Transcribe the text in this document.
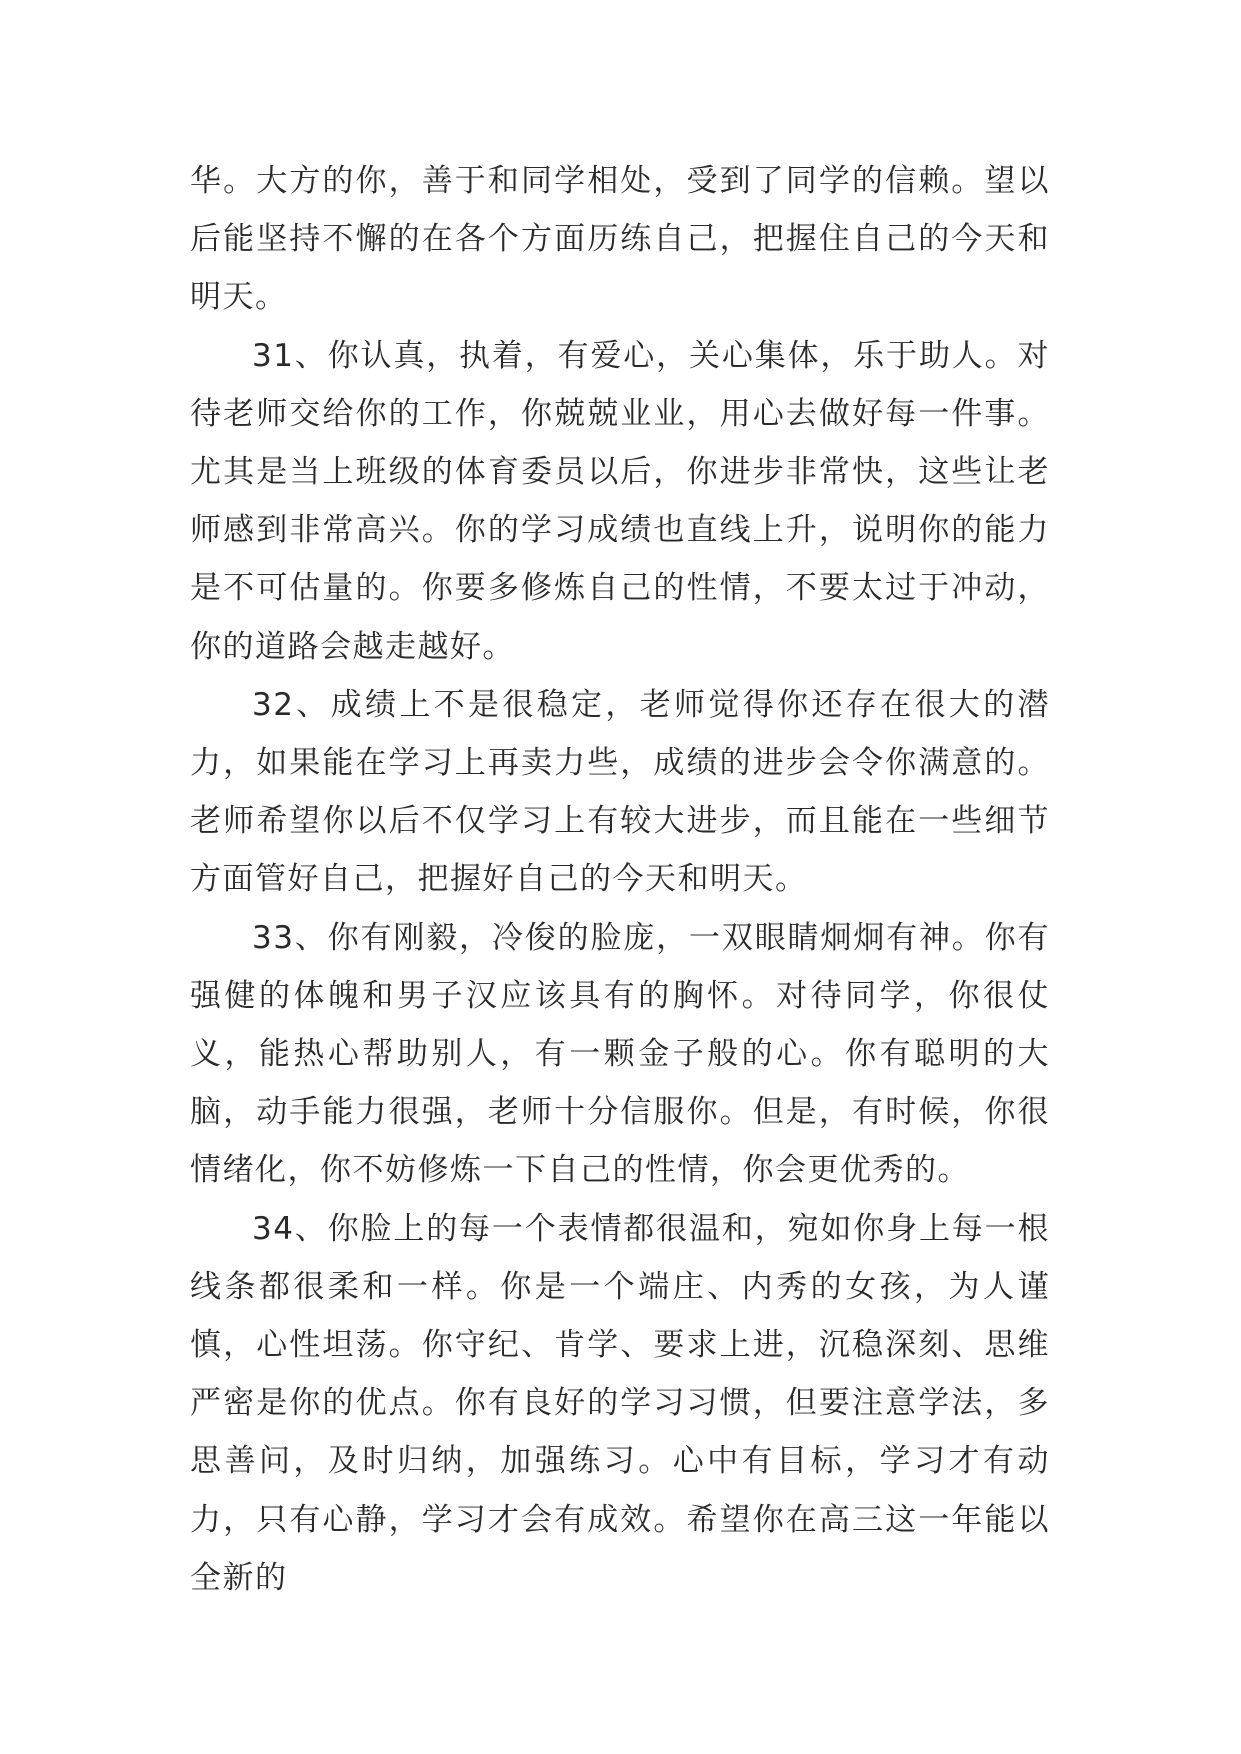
华。大方的你，善于和同学相处，受到了同学的信赖。望以后能坚持不懈的在各个方面历练自己，把握住自己的今天和明天。

31、你认真，执着，有爱心，关心集体，乐于助人。对待老师交给你的工作，你兢兢业业，用心去做好每一件事。尤其是当上班级的体育委员以后，你进步非常快，这些让老师感到非常高兴。你的学习成绩也直线上升，说明你的能力是不可估量的。你要多修炼自己的性情，不要太过于冲动，你的道路会越走越好。

32、成绩上不是很稳定，老师觉得你还存在很大的潜力，如果能在学习上再卖力些，成绩的进步会令你满意的。老师希望你以后不仅学习上有较大进步，而且能在一些细节方面管好自己，把握好自己的今天和明天。

33、你有刚毅，冷俊的脸庞，一双眼睛炯炯有神。你有强健的体魄和男子汉应该具有的胸怀。对待同学，你很仗义，能热心帮助别人，有一颗金子般的心。你有聪明的大脑，动手能力很强，老师十分信服你。但是，有时候，你很情绪化，你不妨修炼一下自己的性情，你会更优秀的。

34、你脸上的每一个表情都很温和，宛如你身上每一根线条都很柔和一样。你是一个端庄、内秀的女孩，为人谨慎，心性坦荡。你守纪、肯学、要求上进，沉稳深刻、思维严密是你的优点。你有良好的学习习惯，但要注意学法，多思善问，及时归纳，加强练习。心中有目标，学习才有动力，只有心静，学习才会有成效。希望你在高三这一年能以全新的
